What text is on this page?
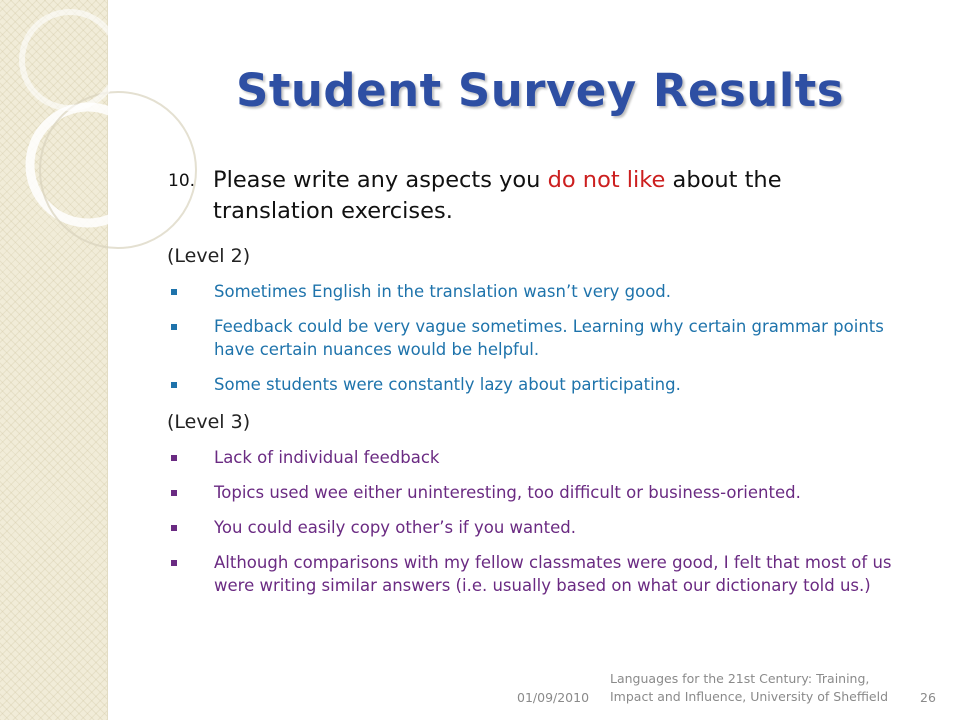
Student Survey Results
10. Please write any aspects you do not like about the translation exercises.
(Level 2)
Sometimes English in the translation wasn’t very good.
Feedback could be very vague sometimes. Learning why certain grammar points have certain nuances would be helpful.
Some students were constantly lazy about participating.
(Level 3)
Lack of individual feedback
Topics used wee either uninteresting, too difficult or business-oriented.
You could easily copy other’s if you wanted.
Although comparisons with my fellow classmates were good, I felt that most of us were writing similar answers (i.e. usually based on what our dictionary told us.)
01/09/2010
Languages for the 21st Century: Training, Impact and Influence, University of Sheffield	26
